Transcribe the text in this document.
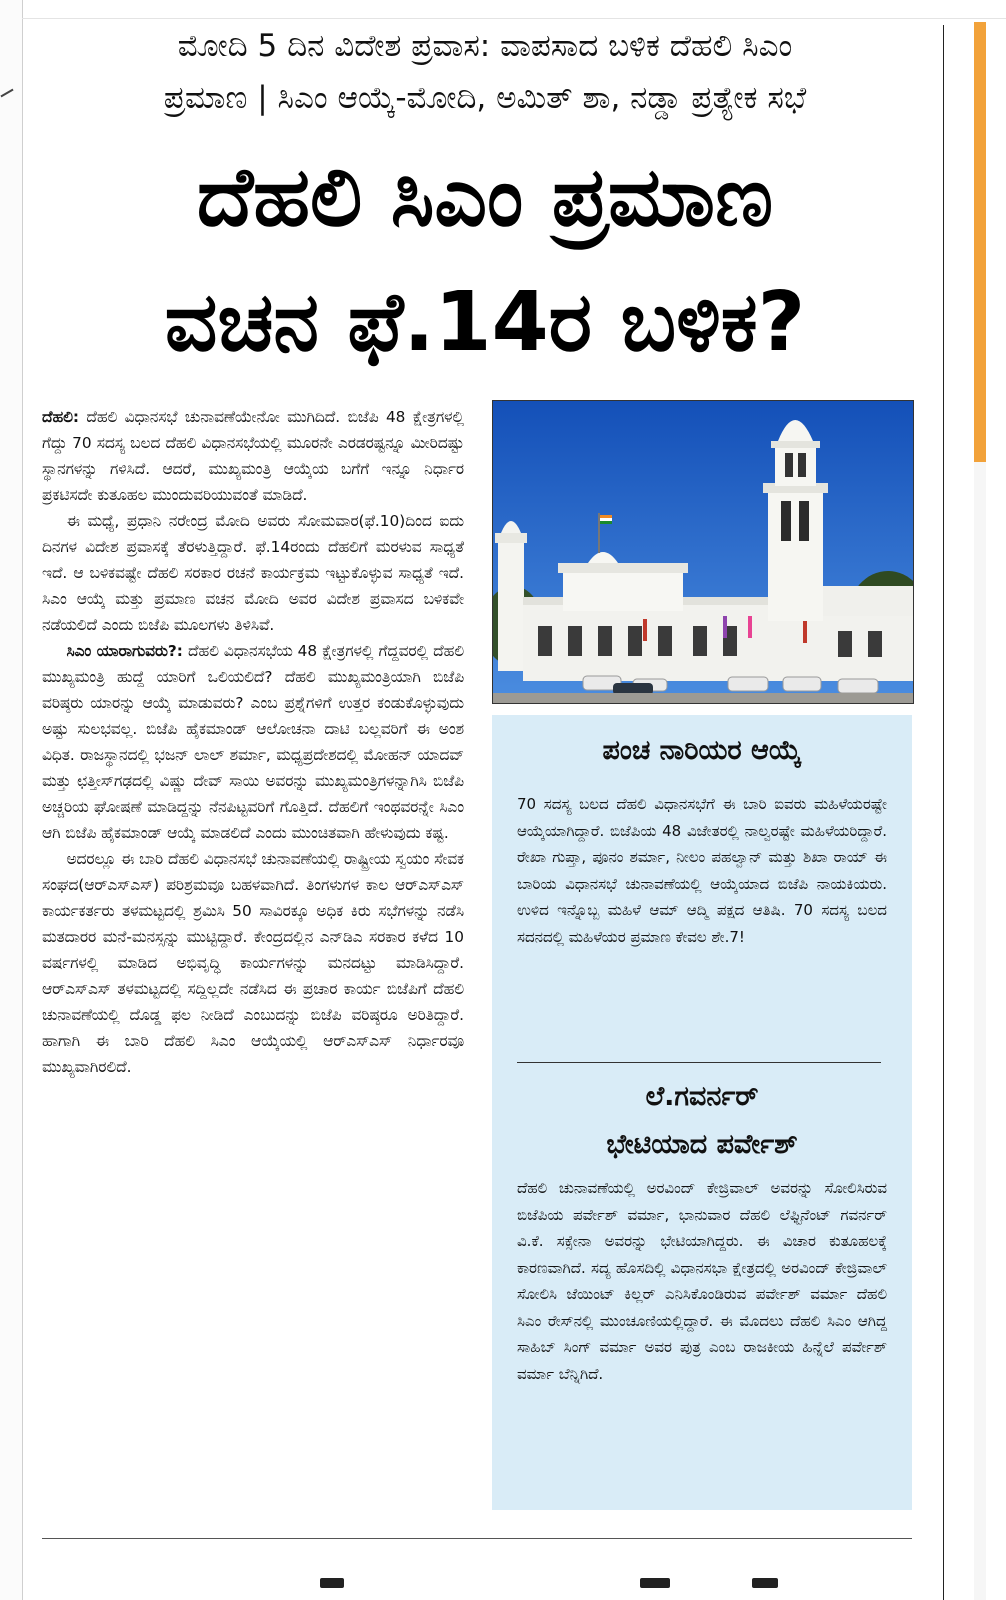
ಮೋದಿ 5 ದಿನ ವಿದೇಶ ಪ್ರವಾಸ: ವಾಪಸಾದ ಬಳಿಕ ದೆಹಲಿ ಸಿಎಂ
ಪ್ರಮಾಣ | ಸಿಎಂ ಆಯ್ಕೆ-ಮೋದಿ, ಅಮಿತ್ ಶಾ, ನಡ್ಡಾ ಪ್ರತ್ಯೇಕ ಸಭೆ
ದೆಹಲಿ ಸಿಎಂ ಪ್ರಮಾಣ
ವಚನ ಫೆ.14ರ ಬಳಿಕ?

ದೆಹಲಿ: ದೆಹಲಿ ವಿಧಾನಸಭೆ ಚುನಾವಣೆಯೇನೋ ಮುಗಿದಿದೆ. ಬಿಜೆಪಿ 48 ಕ್ಷೇತ್ರಗಳಲ್ಲಿ ಗೆದ್ದು 70 ಸದಸ್ಯ ಬಲದ ದೆಹಲಿ ವಿಧಾನಸಭೆಯಲ್ಲಿ ಮೂರನೇ ಎರಡರಷ್ಟನ್ನೂ ಮೀರಿದಷ್ಟು ಸ್ಥಾನಗಳನ್ನು ಗಳಿಸಿದೆ. ಆದರೆ, ಮುಖ್ಯಮಂತ್ರಿ ಆಯ್ಕೆಯ ಬಗೆಗೆ ಇನ್ನೂ ನಿರ್ಧಾರ ಪ್ರಕಟಿಸದೇ ಕುತೂಹಲ ಮುಂದುವರಿಯುವಂತೆ ಮಾಡಿದೆ.

ಈ ಮಧ್ಯೆ, ಪ್ರಧಾನಿ ನರೇಂದ್ರ ಮೋದಿ ಅವರು ಸೋಮವಾರ(ಫೆ.10)ದಿಂದ ಐದು ದಿನಗಳ ವಿದೇಶ ಪ್ರವಾಸಕ್ಕೆ ತೆರಳುತ್ತಿದ್ದಾರೆ. ಫೆ.14ರಂದು ದೆಹಲಿಗೆ ಮರಳುವ ಸಾಧ್ಯತೆ ಇದೆ. ಆ ಬಳಿಕವಷ್ಟೇ ದೆಹಲಿ ಸರಕಾರ ರಚನೆ ಕಾರ್ಯಕ್ರಮ ಇಟ್ಟುಕೊಳ್ಳುವ ಸಾಧ್ಯತೆ ಇದೆ. ಸಿಎಂ ಆಯ್ಕೆ ಮತ್ತು ಪ್ರಮಾಣ ವಚನ ಮೋದಿ ಅವರ ವಿದೇಶ ಪ್ರವಾಸದ ಬಳಿಕವೇ ನಡೆಯಲಿದೆ ಎಂದು ಬಿಜೆಪಿ ಮೂಲಗಳು ತಿಳಿಸಿವೆ.

ಸಿಎಂ ಯಾರಾಗುವರು?: ದೆಹಲಿ ವಿಧಾನಸಭೆಯ 48 ಕ್ಷೇತ್ರಗಳಲ್ಲಿ ಗೆದ್ದವರಲ್ಲಿ ದೆಹಲಿ ಮುಖ್ಯಮಂತ್ರಿ ಹುದ್ದೆ ಯಾರಿಗೆ ಒಲಿಯಲಿದೆ? ದೆಹಲಿ ಮುಖ್ಯಮಂತ್ರಿಯಾಗಿ ಬಿಜೆಪಿ ವರಿಷ್ಠರು ಯಾರನ್ನು ಆಯ್ಕೆ ಮಾಡುವರು? ಎಂಬ ಪ್ರಶ್ನೆಗಳಿಗೆ ಉತ್ತರ ಕಂಡುಕೊಳ್ಳುವುದು ಅಷ್ಟು ಸುಲಭವಲ್ಲ. ಬಿಜೆಪಿ ಹೈಕಮಾಂಡ್ ಆಲೋಚನಾ ದಾಟಿ ಬಲ್ಲವರಿಗೆ ಈ ಅಂಶ ವಿಧಿತ. ರಾಜಸ್ಥಾನದಲ್ಲಿ ಭಜನ್ ಲಾಲ್ ಶರ್ಮಾ, ಮಧ್ಯಪ್ರದೇಶದಲ್ಲಿ ಮೋಹನ್ ಯಾದವ್ ಮತ್ತು ಛತ್ತೀಸ್‌ಗಢದಲ್ಲಿ ವಿಷ್ಣು ದೇವ್ ಸಾಯಿ ಅವರನ್ನು ಮುಖ್ಯಮಂತ್ರಿಗಳನ್ನಾಗಿಸಿ ಬಿಜೆಪಿ ಅಚ್ಚರಿಯ ಘೋಷಣೆ ಮಾಡಿದ್ದನ್ನು ನೆನಪಿಟ್ಟವರಿಗೆ ಗೊತ್ತಿದೆ. ದೆಹಲಿಗೆ ಇಂಥವರನ್ನೇ ಸಿಎಂ ಆಗಿ ಬಿಜೆಪಿ ಹೈಕಮಾಂಡ್ ಆಯ್ಕೆ ಮಾಡಲಿದೆ ಎಂದು ಮುಂಚಿತವಾಗಿ ಹೇಳುವುದು ಕಷ್ಟ.

ಅದರಲ್ಲೂ ಈ ಬಾರಿ ದೆಹಲಿ ವಿಧಾನಸಭೆ ಚುನಾವಣೆಯಲ್ಲಿ ರಾಷ್ಟ್ರೀಯ ಸ್ವಯಂ ಸೇವಕ ಸಂಘದ(ಆರ್‌ಎಸ್‌ಎಸ್) ಪರಿಶ್ರಮವೂ ಬಹಳವಾಗಿದೆ. ತಿಂಗಳುಗಳ ಕಾಲ ಆರ್‌ಎಸ್‌ಎಸ್ ಕಾರ್ಯಕರ್ತರು ತಳಮಟ್ಟದಲ್ಲಿ ಶ್ರಮಿಸಿ 50 ಸಾವಿರಕ್ಕೂ ಅಧಿಕ ಕಿರು ಸಭೆಗಳನ್ನು ನಡೆಸಿ ಮತದಾರರ ಮನೆ-ಮನಸ್ಸನ್ನು ಮುಟ್ಟಿದ್ದಾರೆ. ಕೇಂದ್ರದಲ್ಲಿನ ಎನ್‌ಡಿಎ ಸರಕಾರ ಕಳೆದ 10 ವರ್ಷಗಳಲ್ಲಿ ಮಾಡಿದ ಅಭಿವೃದ್ಧಿ ಕಾರ್ಯಗಳನ್ನು ಮನದಟ್ಟು ಮಾಡಿಸಿದ್ದಾರೆ. ಆರ್‌ಎಸ್‌ಎಸ್ ತಳಮಟ್ಟದಲ್ಲಿ ಸದ್ದಿಲ್ಲದೇ ನಡೆಸಿದ ಈ ಪ್ರಚಾರ ಕಾರ್ಯ ಬಿಜೆಪಿಗೆ ದೆಹಲಿ ಚುನಾವಣೆಯಲ್ಲಿ ದೊಡ್ಡ ಫಲ ನೀಡಿದೆ ಎಂಬುದನ್ನು ಬಿಜೆಪಿ ವರಿಷ್ಠರೂ ಅರಿತಿದ್ದಾರೆ. ಹಾಗಾಗಿ ಈ ಬಾರಿ ದೆಹಲಿ ಸಿಎಂ ಆಯ್ಕೆಯಲ್ಲಿ ಆರ್‌ಎಸ್‌ಎಸ್ ನಿರ್ಧಾರವೂ ಮುಖ್ಯವಾಗಿರಲಿದೆ.

ಪಂಚ ನಾರಿಯರ ಆಯ್ಕೆ
70 ಸದಸ್ಯ ಬಲದ ದೆಹಲಿ ವಿಧಾನಸಭೆಗೆ ಈ ಬಾರಿ ಐವರು ಮಹಿಳೆಯರಷ್ಟೇ ಆಯ್ಕೆಯಾಗಿದ್ದಾರೆ. ಬಿಜೆಪಿಯ 48 ವಿಜೇತರಲ್ಲಿ ನಾಲ್ವರಷ್ಟೇ ಮಹಿಳೆಯರಿದ್ದಾರೆ. ರೇಖಾ ಗುಪ್ತಾ, ಪೂನಂ ಶರ್ಮಾ, ನೀಲಂ ಪಹಲ್ವಾನ್ ಮತ್ತು ಶಿಖಾ ರಾಯ್ ಈ ಬಾರಿಯ ವಿಧಾನಸಭೆ ಚುನಾವಣೆಯಲ್ಲಿ ಆಯ್ಕೆಯಾದ ಬಿಜೆಪಿ ನಾಯಕಿಯರು. ಉಳಿದ ಇನ್ನೊಬ್ಬ ಮಹಿಳೆ ಆಮ್ ಆದ್ಮಿ ಪಕ್ಷದ ಆತಿಷಿ. 70 ಸದಸ್ಯ ಬಲದ ಸದನದಲ್ಲಿ ಮಹಿಳೆಯರ ಪ್ರಮಾಣ ಕೇವಲ ಶೇ.7!
ಲೆ.ಗವರ್ನರ್
ಭೇಟಿಯಾದ ಪರ್ವೇಶ್
ದೆಹಲಿ ಚುನಾವಣೆಯಲ್ಲಿ ಅರವಿಂದ್ ಕೇಜ್ರಿವಾಲ್ ಅವರನ್ನು ಸೋಲಿಸಿರುವ ಬಿಜೆಪಿಯ ಪರ್ವೇಶ್ ವರ್ಮಾ, ಭಾನುವಾರ ದೆಹಲಿ ಲೆಫ್ಟಿನೆಂಟ್ ಗವರ್ನರ್ ವಿ.ಕೆ. ಸಕ್ಸೇನಾ ಅವರನ್ನು ಭೇಟಿಯಾಗಿದ್ದರು. ಈ ವಿಚಾರ ಕುತೂಹಲಕ್ಕೆ ಕಾರಣವಾಗಿದೆ. ಸದ್ಯ ಹೊಸದಿಲ್ಲಿ ವಿಧಾನಸಭಾ ಕ್ಷೇತ್ರದಲ್ಲಿ ಅರವಿಂದ್ ಕೇಜ್ರಿವಾಲ್ ಸೋಲಿಸಿ ಜೆಯಿಂಟ್ ಕಿಲ್ಲರ್ ಎನಿಸಿಕೊಂಡಿರುವ ಪರ್ವೇಶ್ ವರ್ಮಾ ದೆಹಲಿ ಸಿಎಂ ರೇಸ್‌ನಲ್ಲಿ ಮುಂಚೂಣಿಯಲ್ಲಿದ್ದಾರೆ. ಈ ಮೊದಲು ದೆಹಲಿ ಸಿಎಂ ಆಗಿದ್ದ ಸಾಹಿಬ್ ಸಿಂಗ್ ವರ್ಮಾ ಅವರ ಪುತ್ರ ಎಂಬ ರಾಜಕೀಯ ಹಿನ್ನೆಲೆ ಪರ್ವೇಶ್ ವರ್ಮಾ ಬೆನ್ನಿಗಿದೆ.
